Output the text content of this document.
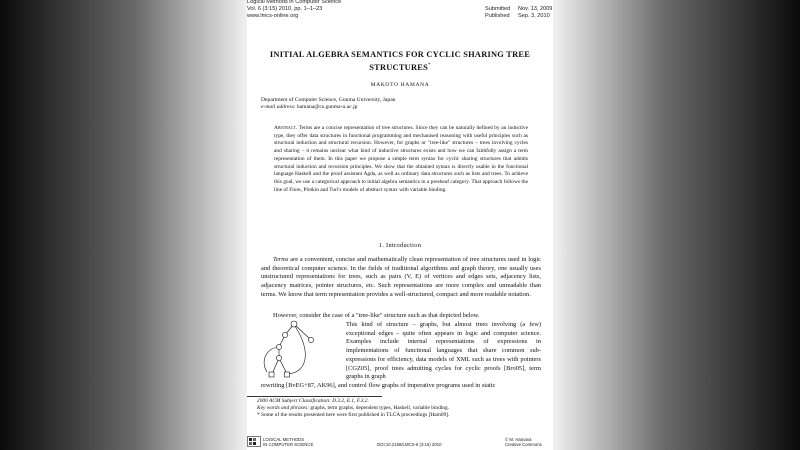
Logical Methods in Computer Science
Vol. 6 (3:15) 2010, pp. 1–1–23
www.lmcs-online.org
Submitted Nov. 13, 2009
Published Sep. 3, 2010
INITIAL ALGEBRA SEMANTICS FOR CYCLIC SHARING TREE
STRUCTURES*
MAKOTO HAMANA
Department of Computer Science, Gunma University, Japan
e-mail address: hamana@cs.gunma-u.ac.jp
Abstract. Terms are a concise representation of tree structures. Since they can be naturally defined by an inductive type, they offer data structures in functional programming and mechanised reasoning with useful principles such as structural induction and structural recursion. However, for graphs or "tree-like" structures – trees involving cycles and sharing – it remains unclear what kind of inductive structures exists and how we can faithfully assign a term representation of them. In this paper we propose a simple term syntax for cyclic sharing structures that admits structural induction and recursion principles. We show that the obtained syntax is directly usable in the functional language Haskell and the proof assistant Agda, as well as ordinary data structures such as lists and trees. To achieve this goal, we use a categorical approach to initial algebra semantics in a presheaf category. That approach follows the line of Fiore, Plotkin and Turi's models of abstract syntax with variable binding.
1. Introduction

Terms are a convenient, concise and mathematically clean representation of tree structures used in logic and theoretical computer science. In the fields of traditional algorithms and graph theory, one usually uses unstructured representations for trees, such as pairs (V, E) of vertices and edges sets, adjacency lists, adjacency matrices, pointer structures, etc. Such representations are more complex and unreadable than terms. We know that term representation provides a well-structured, compact and more readable notation.

However, consider the case of a "tree-like" structure such as that depicted below.

This kind of structure – graphs, but almost trees involving (a few) exceptional edges – quite often appears in logic and computer science. Examples include internal representations of expressions in implementations of functional languages that share common sub-expressions for efficiency, data models of XML such as trees with pointers [CGZ05], proof trees admitting cycles for cyclic proofs [Bro05], term graphs in graph

rewriting [BvEG+87, AK96], and control flow graphs of imperative programs used in static

2000 ACM Subject Classification: D.3.2, E.1, F.3.2.
Key words and phrases: graphs, term graphs, dependent types, Haskell, variable binding.
* Some of the results presented here were first published in TLCA proceedings [Ham09].
LOGICAL METHODS
IN COMPUTER SCIENCE	DOI:10.2168/LMCS-6 (3:15) 2010
© M. Hamana
Creative Commons
